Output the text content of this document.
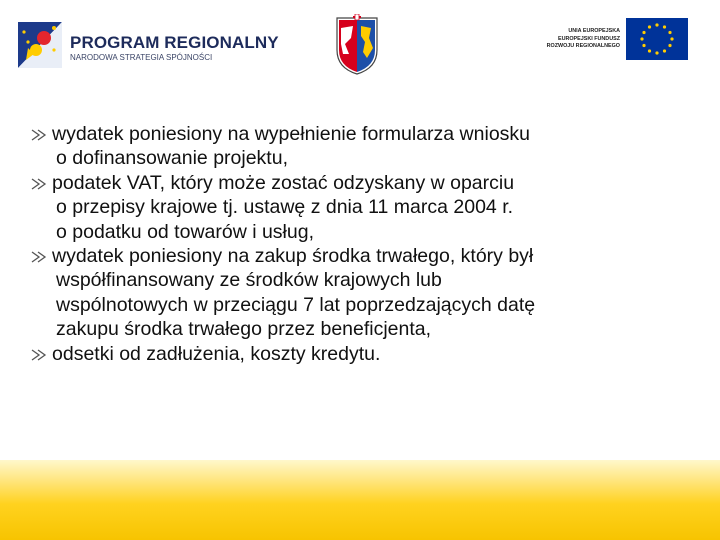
PROGRAM REGIONALNY
NARODOWA STRATEGIA SPÓJNOŚCI
UNIA EUROPEJSKA
EUROPEJSKI FUNDUSZ
ROZWOJU REGIONALNEGO
wydatek poniesiony na wypełnienie formularza wniosku
o dofinansowanie projektu,
podatek VAT, który może zostać odzyskany w oparciu
o przepisy krajowe tj. ustawę z dnia 11 marca 2004 r.
o podatku od towarów i usług,
wydatek poniesiony na zakup środka trwałego, który był
współfinansowany ze środków krajowych lub
wspólnotowych w przeciągu 7 lat poprzedzających datę
zakupu środka trwałego przez beneficjenta,
odsetki od zadłużenia, koszty kredytu.
